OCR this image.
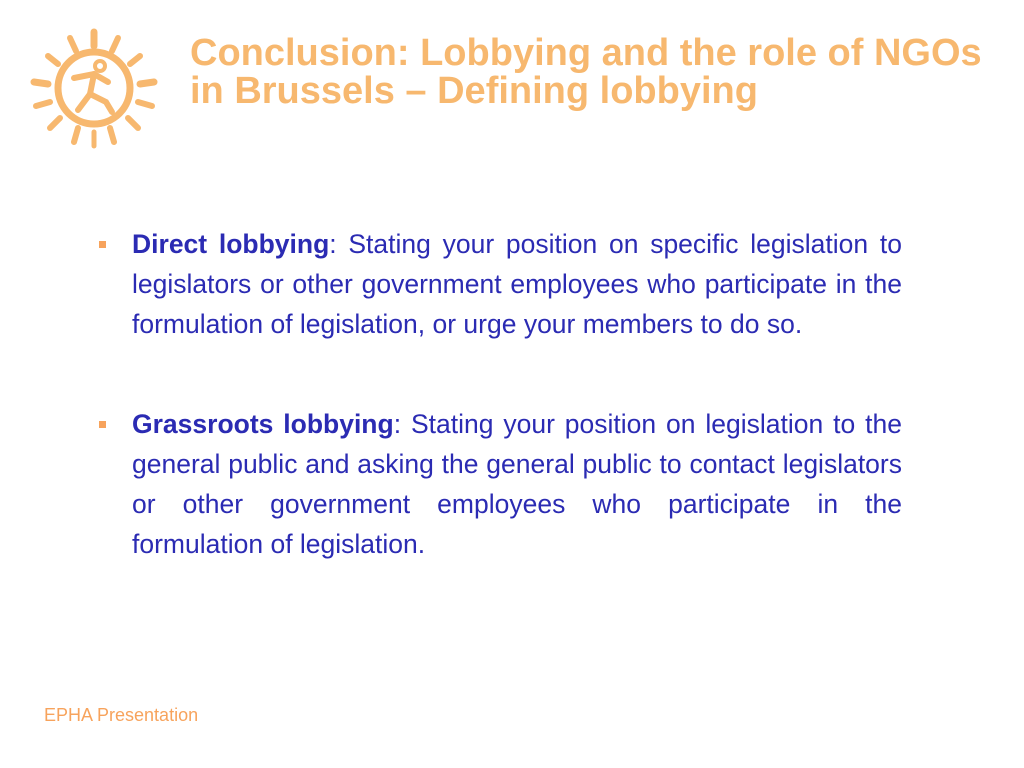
Conclusion: Lobbying and the role of NGOs in Brussels – Defining lobbying
Direct lobbying: Stating your position on specific legislation to legislators or other government employees who participate in the formulation of legislation, or urge your members to do so.
Grassroots lobbying: Stating your position on legislation to the general public and asking the general public to contact legislators or other government employees who participate in the formulation of legislation.
EPHA Presentation
